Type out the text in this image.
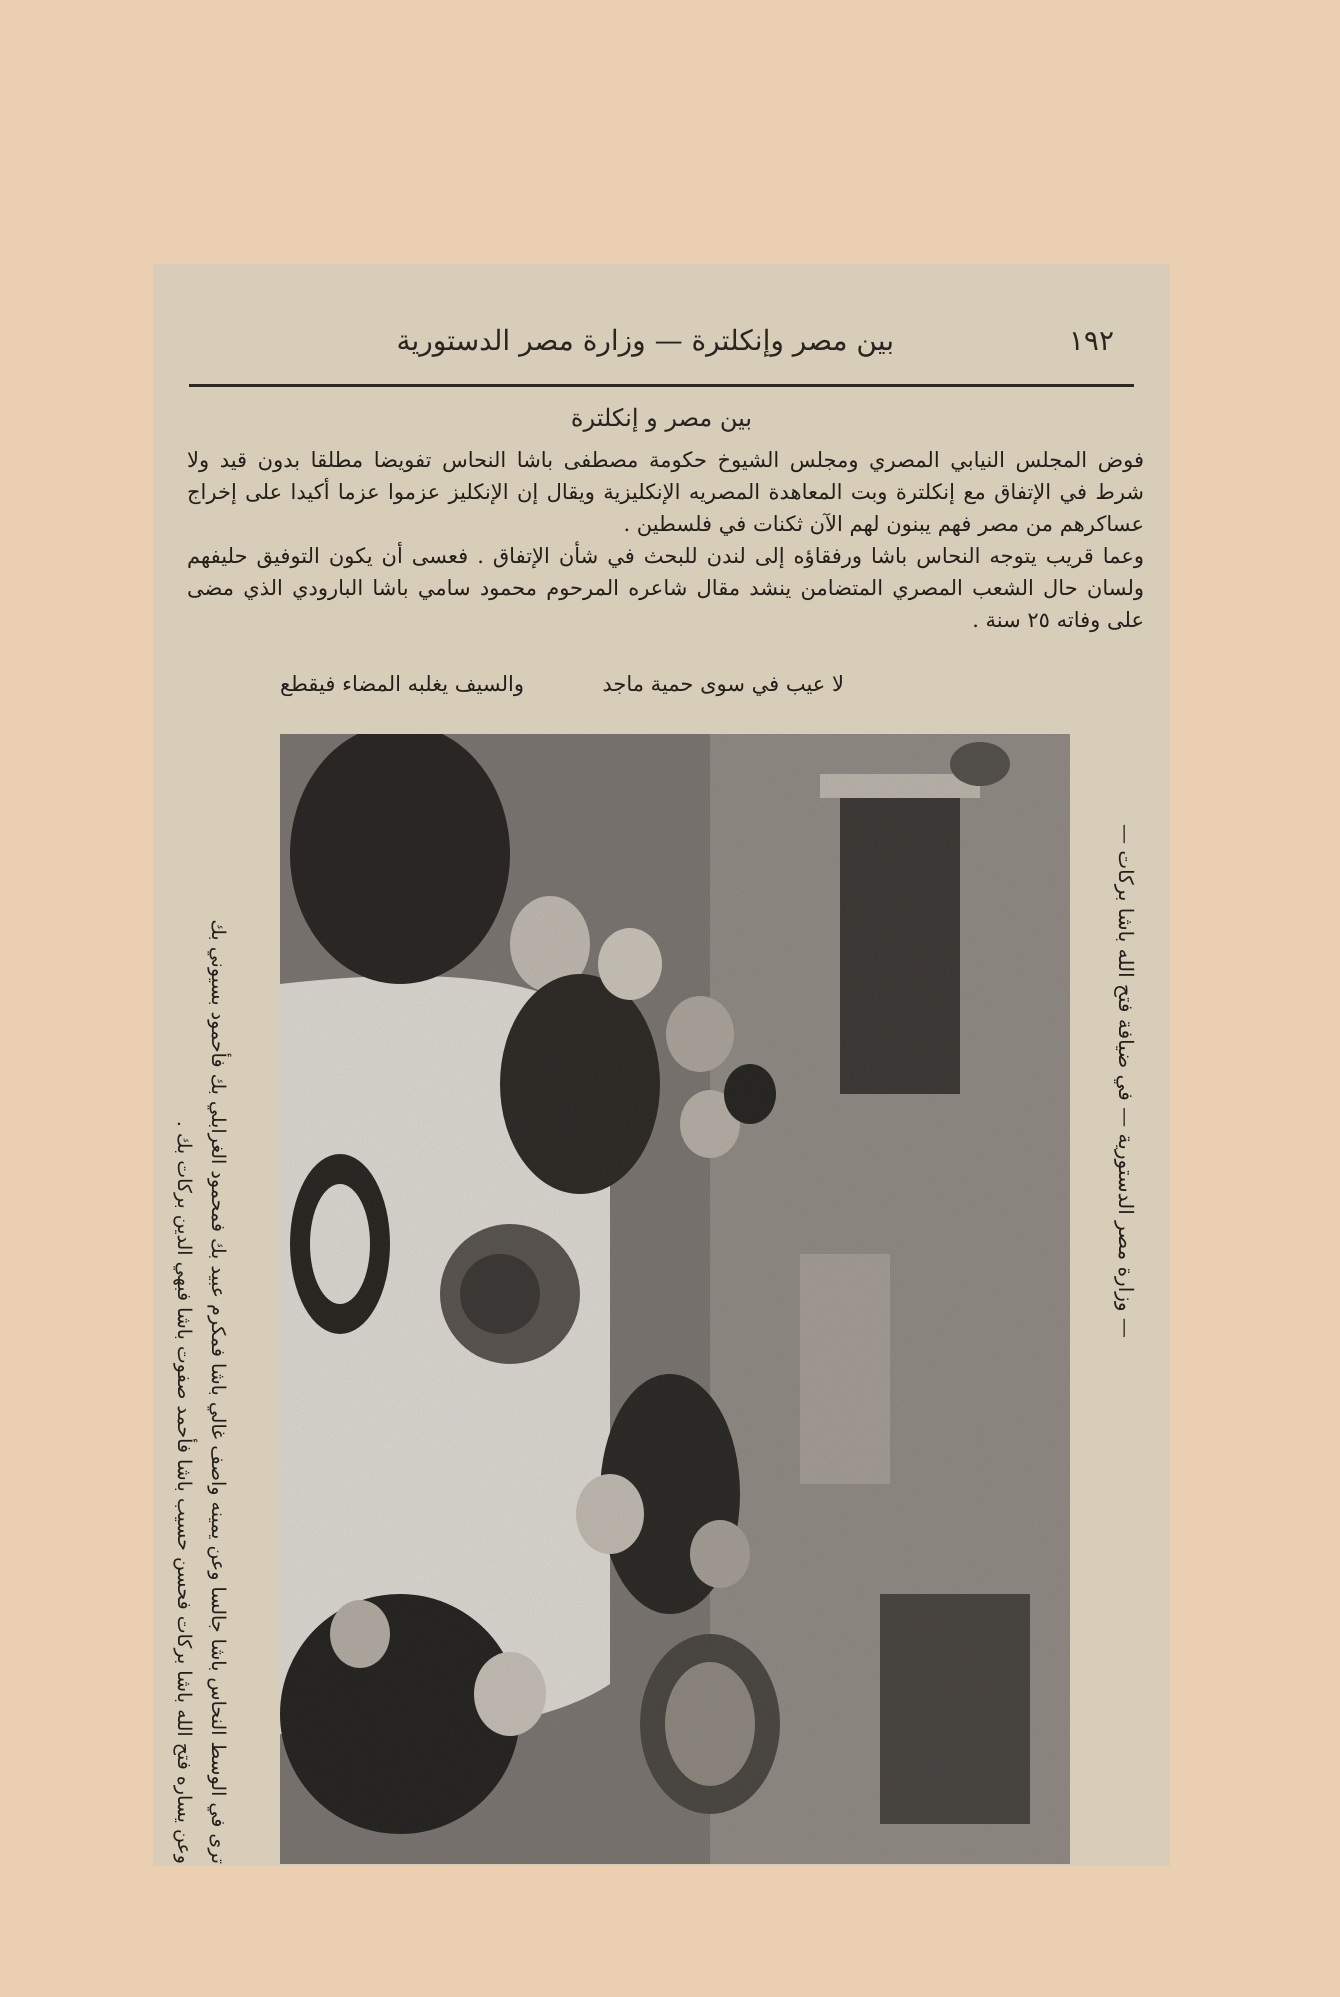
١٩٢
بين مصر وإنكلترة — وزارة مصر الدستورية
بين مصر و إنكلترة

فوض المجلس النيابي المصري ومجلس الشيوخ حكومة مصطفى باشا النحاس تفويضا مطلقا بدون قيد ولا شرط في الإتفاق مع إنكلترة وبت المعاهدة المصريه الإنكليزية ويقال إن الإنكليز عزموا عزما أكيدا على إخراج عساكرهم من مصر فهم يبنون لهم الآن ثكنات في فلسطين .

وعما قريب يتوجه النحاس باشا ورفقاؤه إلى لندن للبحث في شأن الإتفاق . فعسى أن يكون التوفيق حليفهم ولسان حال الشعب المصري المتضامن ينشد مقال شاعره المرحوم محمود سامي باشا البارودي الذي مضى على وفاته ٢٥ سنة .

لا عيب في سوى حمية ماجد
والسيف يغلبه المضاء فيقطع
— وزارة مصر الدستورية — في ضيافة فتح الله باشا بركات —
ترى في الوسط النحاس باشا جالسا وعن يمينه واصف غالي باشا فمكرم عبيد بك فمحمود الغرابلي بك فأحمود بسيوني بك
وعن يساره فتح الله باشا بركات فحسن حسيب باشا فأحمد صفوت باشا فبهي الدين بركات بك .
